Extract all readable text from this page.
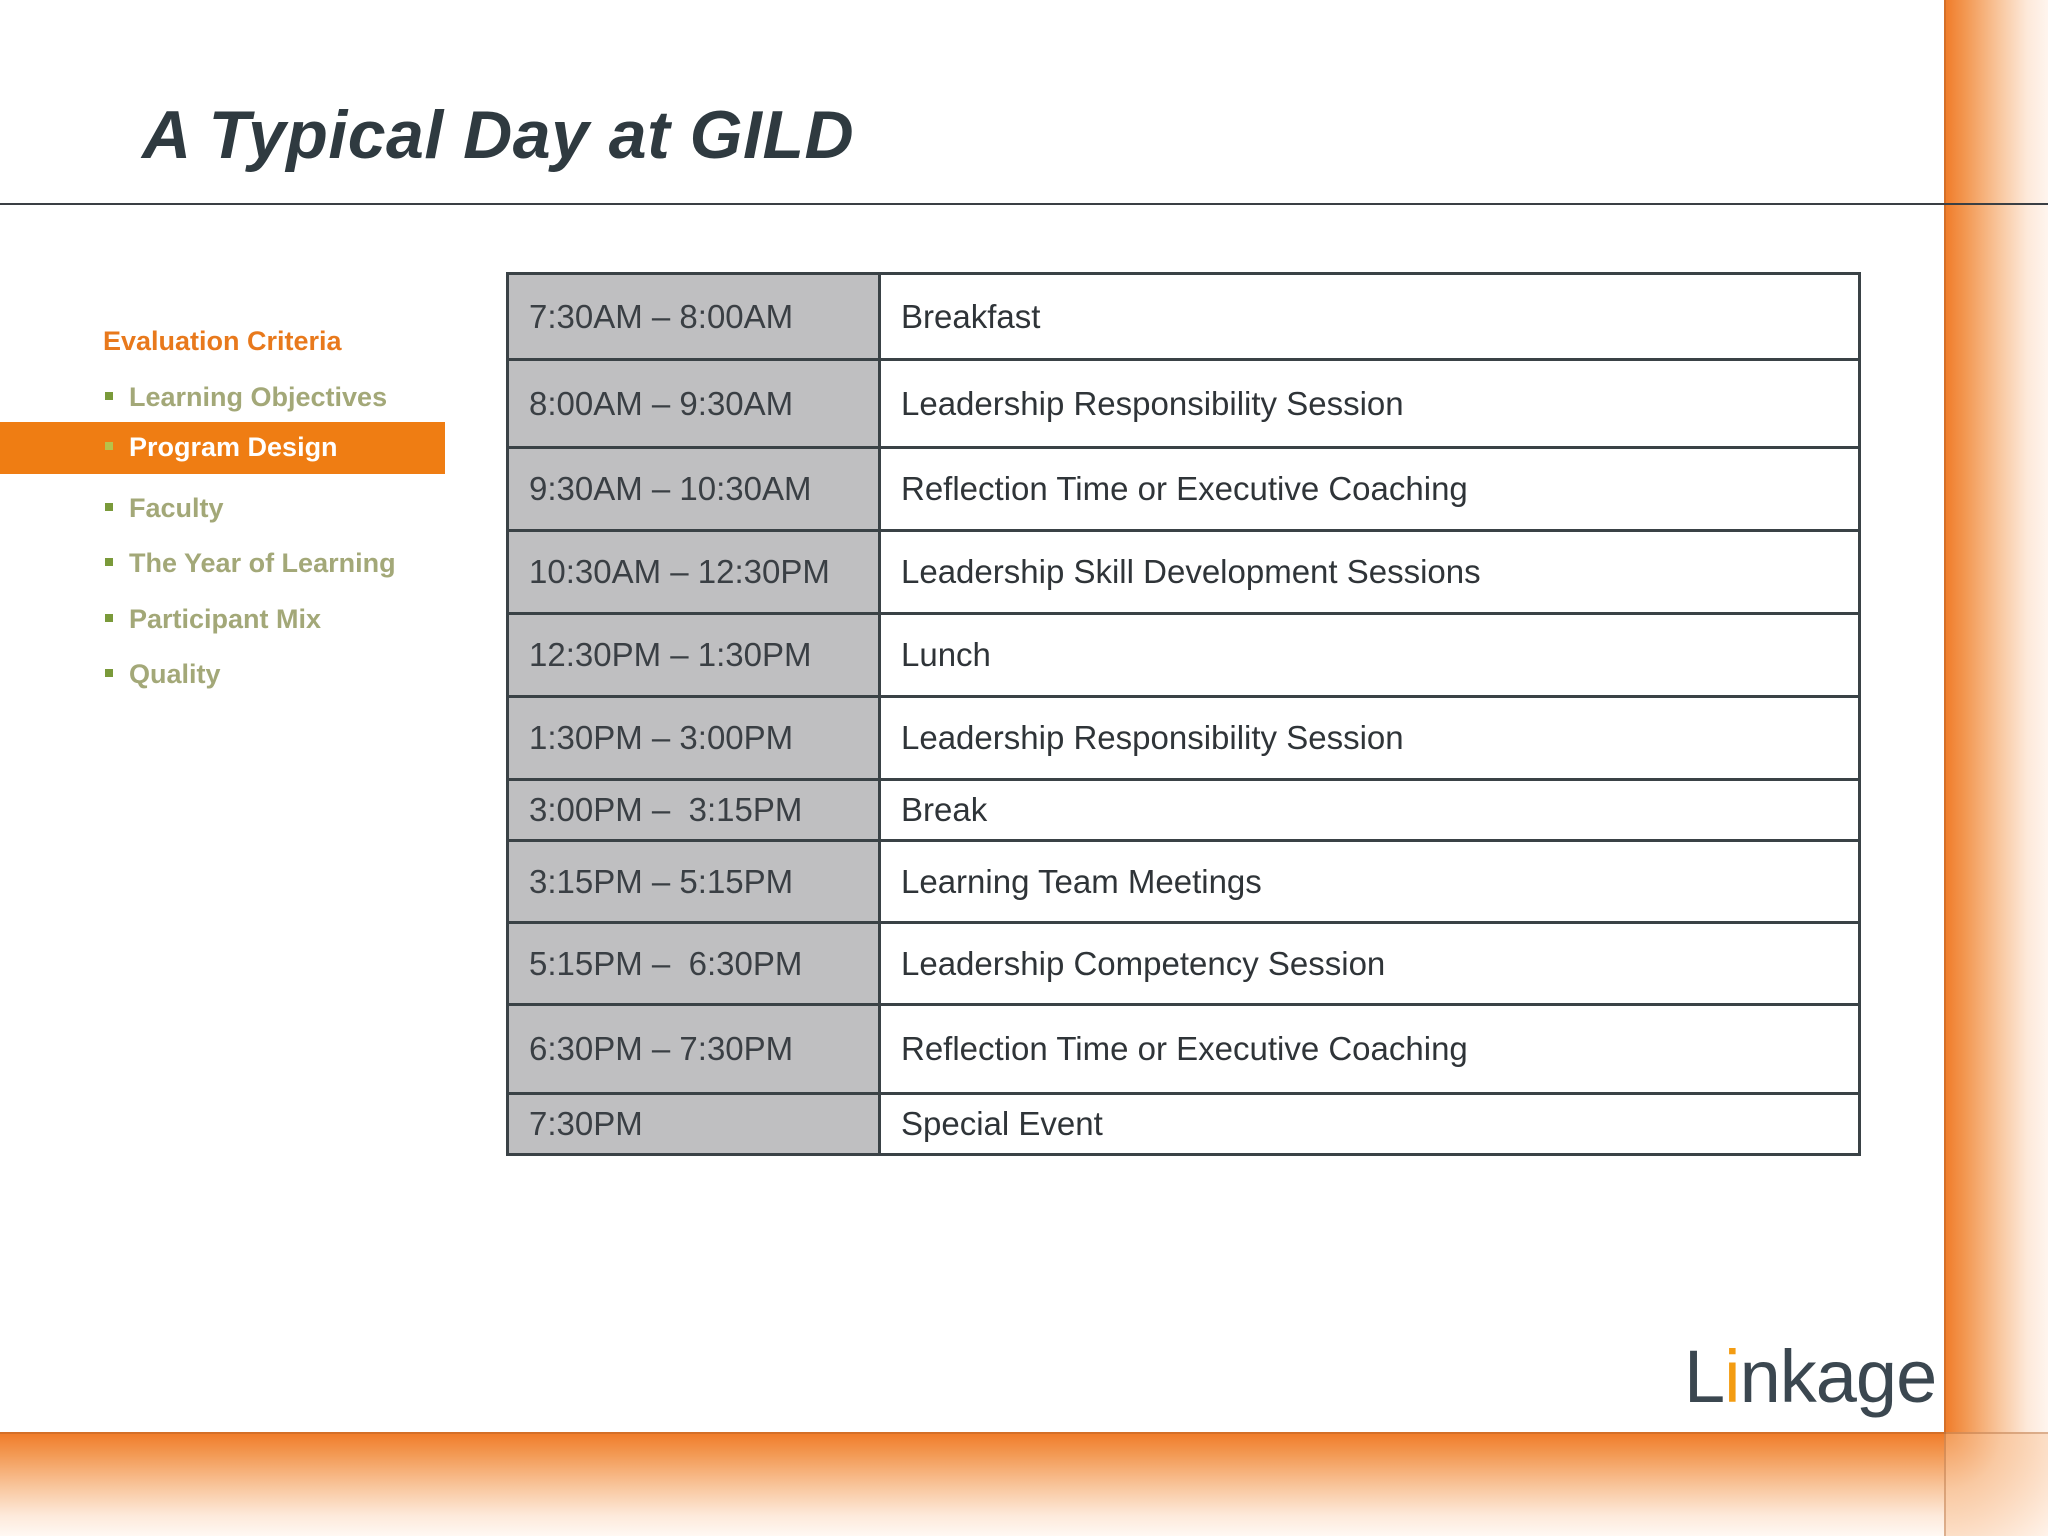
A Typical Day at GILD
Evaluation Criteria
Learning Objectives
Program Design
Faculty
The Year of Learning
Participant Mix
Quality
7:30AM – 8:00AM	Breakfast
8:00AM – 9:30AM	Leadership Responsibility Session
9:30AM – 10:30AM	Reflection Time or Executive Coaching
10:30AM – 12:30PM	Leadership Skill Development Sessions
12:30PM – 1:30PM	Lunch
1:30PM – 3:00PM	Leadership Responsibility Session
3:00PM –  3:15PM	Break
3:15PM – 5:15PM	Learning Team Meetings
5:15PM –  6:30PM	Leadership Competency Session
6:30PM – 7:30PM	Reflection Time or Executive Coaching
7:30PM	Special Event
Linkage
